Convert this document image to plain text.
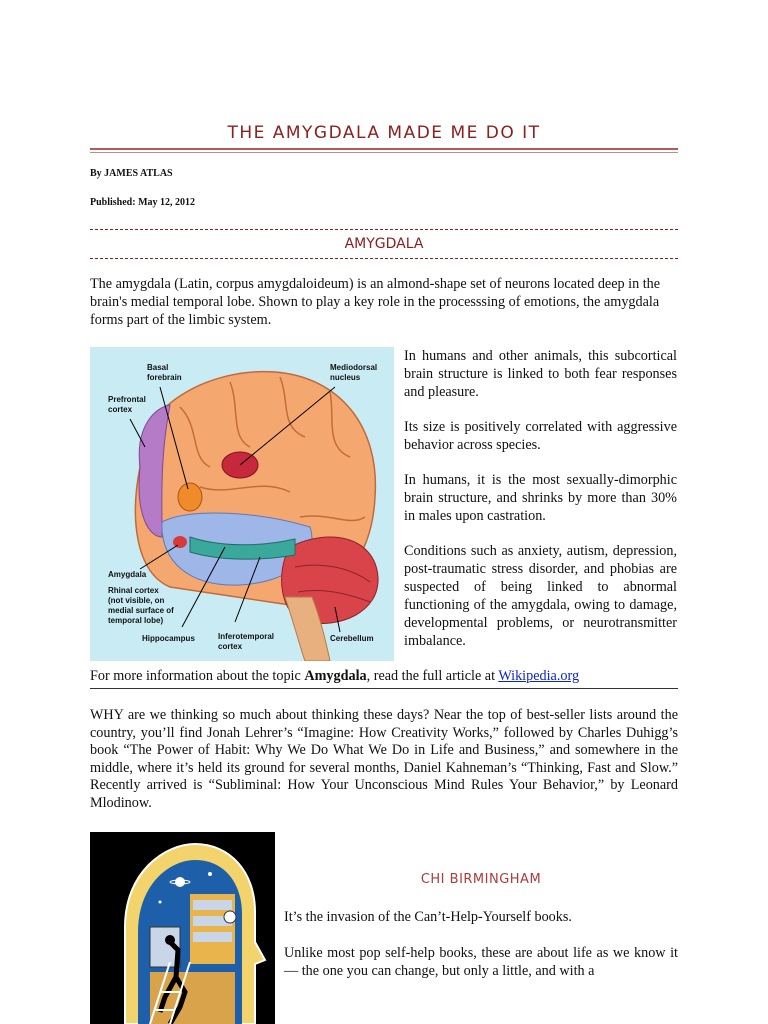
THE AMYGDALA MADE ME DO IT
By JAMES ATLAS
Published: May 12, 2012
AMYGDALA

The amygdala (Latin, corpus amygdaloideum) is an almond-shape set of neurons located deep in the brain's medial temporal lobe. Shown to play a key role in the processsing of emotions, the amygdala forms part of the limbic system.

Basal
forebrain
Mediodorsal
nucleus
Prefrontal
cortex
Amygdala
Rhinal cortex
(not visible, on
medial surface of
temporal lobe)
Hippocampus	Inferotemporal
cortex
Cerebellum

In humans and other animals, this subcortical brain structure is linked to both fear responses and pleasure.

Its size is positively correlated with aggressive behavior across species.

In humans, it is the most sexually-dimorphic brain structure, and shrinks by more than 30% in males upon castration.

Conditions such as anxiety, autism, depression, post-traumatic stress disorder, and phobias are suspected of being linked to abnormal functioning of the amygdala, owing to damage, developmental problems, or neurotransmitter imbalance.

For more information about the topic Amygdala, read the full article at Wikipedia.org

WHY are we thinking so much about thinking these days? Near the top of best-seller lists around the country, you’ll find Jonah Lehrer’s “Imagine: How Creativity Works,” followed by Charles Duhigg’s book “The Power of Habit: Why We Do What We Do in Life and Business,” and somewhere in the middle, where it’s held its ground for several months, Daniel Kahneman’s “Thinking, Fast and Slow.” Recently arrived is “Subliminal: How Your Unconscious Mind Rules Your Behavior,” by Leonard Mlodinow.

CHI BIRMINGHAM

It’s the invasion of the Can’t-Help-Yourself books.

Unlike most pop self-help books, these are about life as we know it — the one you can change, but only a little, and with a
